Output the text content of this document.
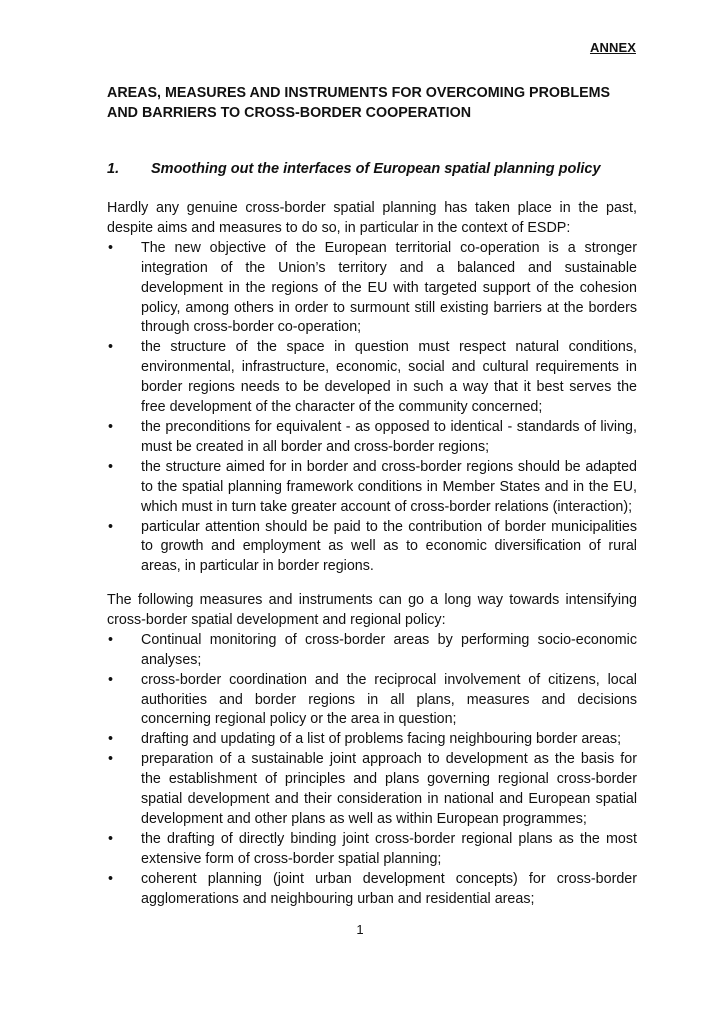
ANNEX
AREAS, MEASURES AND INSTRUMENTS FOR OVERCOMING PROBLEMS AND BARRIERS TO CROSS-BORDER COOPERATION
1. Smoothing out the interfaces of European spatial planning policy

Hardly any genuine cross-border spatial planning has taken place in the past, despite aims and measures to do so, in particular in the context of ESDP:

•	The new objective of the European territorial co-operation is a stronger integration of the Union’s territory and a balanced and sustainable development in the regions of the EU with targeted support of the cohesion policy, among others in order to surmount still existing barriers at the borders through cross-border co-operation;
•	the structure of the space in question must respect natural conditions, environmental, infrastructure, economic, social and cultural requirements in border regions needs to be developed in such a way that it best serves the free development of the character of the community concerned;
•	the preconditions for equivalent - as opposed to identical - standards of living, must be created in all border and cross-border regions;
•	the structure aimed for in border and cross-border regions should be adapted to the spatial planning framework conditions in Member States and in the EU, which must in turn take greater account of cross-border relations (interaction);
•	particular attention should be paid to the contribution of border municipalities to growth and employment as well as to economic diversification of rural areas, in particular in border regions.

The following measures and instruments can go a long way towards intensifying cross-border spatial development and regional policy:

•	Continual monitoring of cross-border areas by performing socio-economic analyses;
•	cross-border coordination and the reciprocal involvement of citizens, local authorities and border regions in all plans, measures and decisions concerning regional policy or the area in question;
•	drafting and updating of a list of problems facing neighbouring border areas;
•	preparation of a sustainable joint approach to development as the basis for the establishment of principles and plans governing regional cross-border spatial development and their consideration in national and European spatial development and other plans as well as within European programmes;
•	the drafting of directly binding joint cross-border regional plans as the most extensive form of cross-border spatial planning;
•	coherent planning (joint urban development concepts) for cross-border agglomerations and neighbouring urban and residential areas;
1
